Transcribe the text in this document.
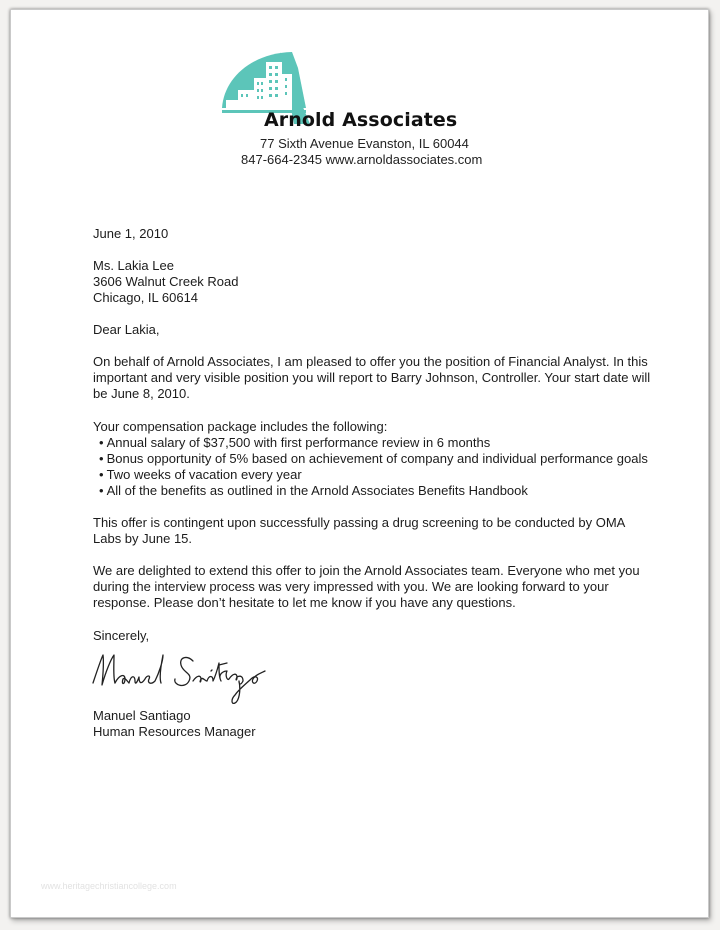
Arnold Associates
77 Sixth Avenue Evanston, IL 60044
847-664-2345 www.arnoldassociates.com
June 1, 2010

Ms. Lakia Lee

3606 Walnut Creek Road

Chicago, IL 60614

Dear Lakia,
On behalf of Arnold Associates, I am pleased to offer you the position of Financial Analyst. In this important and very visible position you will report to Barry Johnson, Controller. Your start date will be June 8, 2010.

Your compensation package includes the following:

• Annual salary of $37,500 with first performance review in 6 months
• Bonus opportunity of 5% based on achievement of company and individual performance goals
• Two weeks of vacation every year
• All of the benefits as outlined in the Arnold Associates Benefits Handbook
This offer is contingent upon successfully passing a drug screening to be conducted by OMA Labs by June 15.
We are delighted to extend this offer to join the Arnold Associates team. Everyone who met you during the interview process was very impressed with you. We are looking forward to your response. Please don’t hesitate to let me know if you have any questions.
Sincerely,

Manuel Santiago

Human Resources Manager

www.heritagechristiancollege.com
